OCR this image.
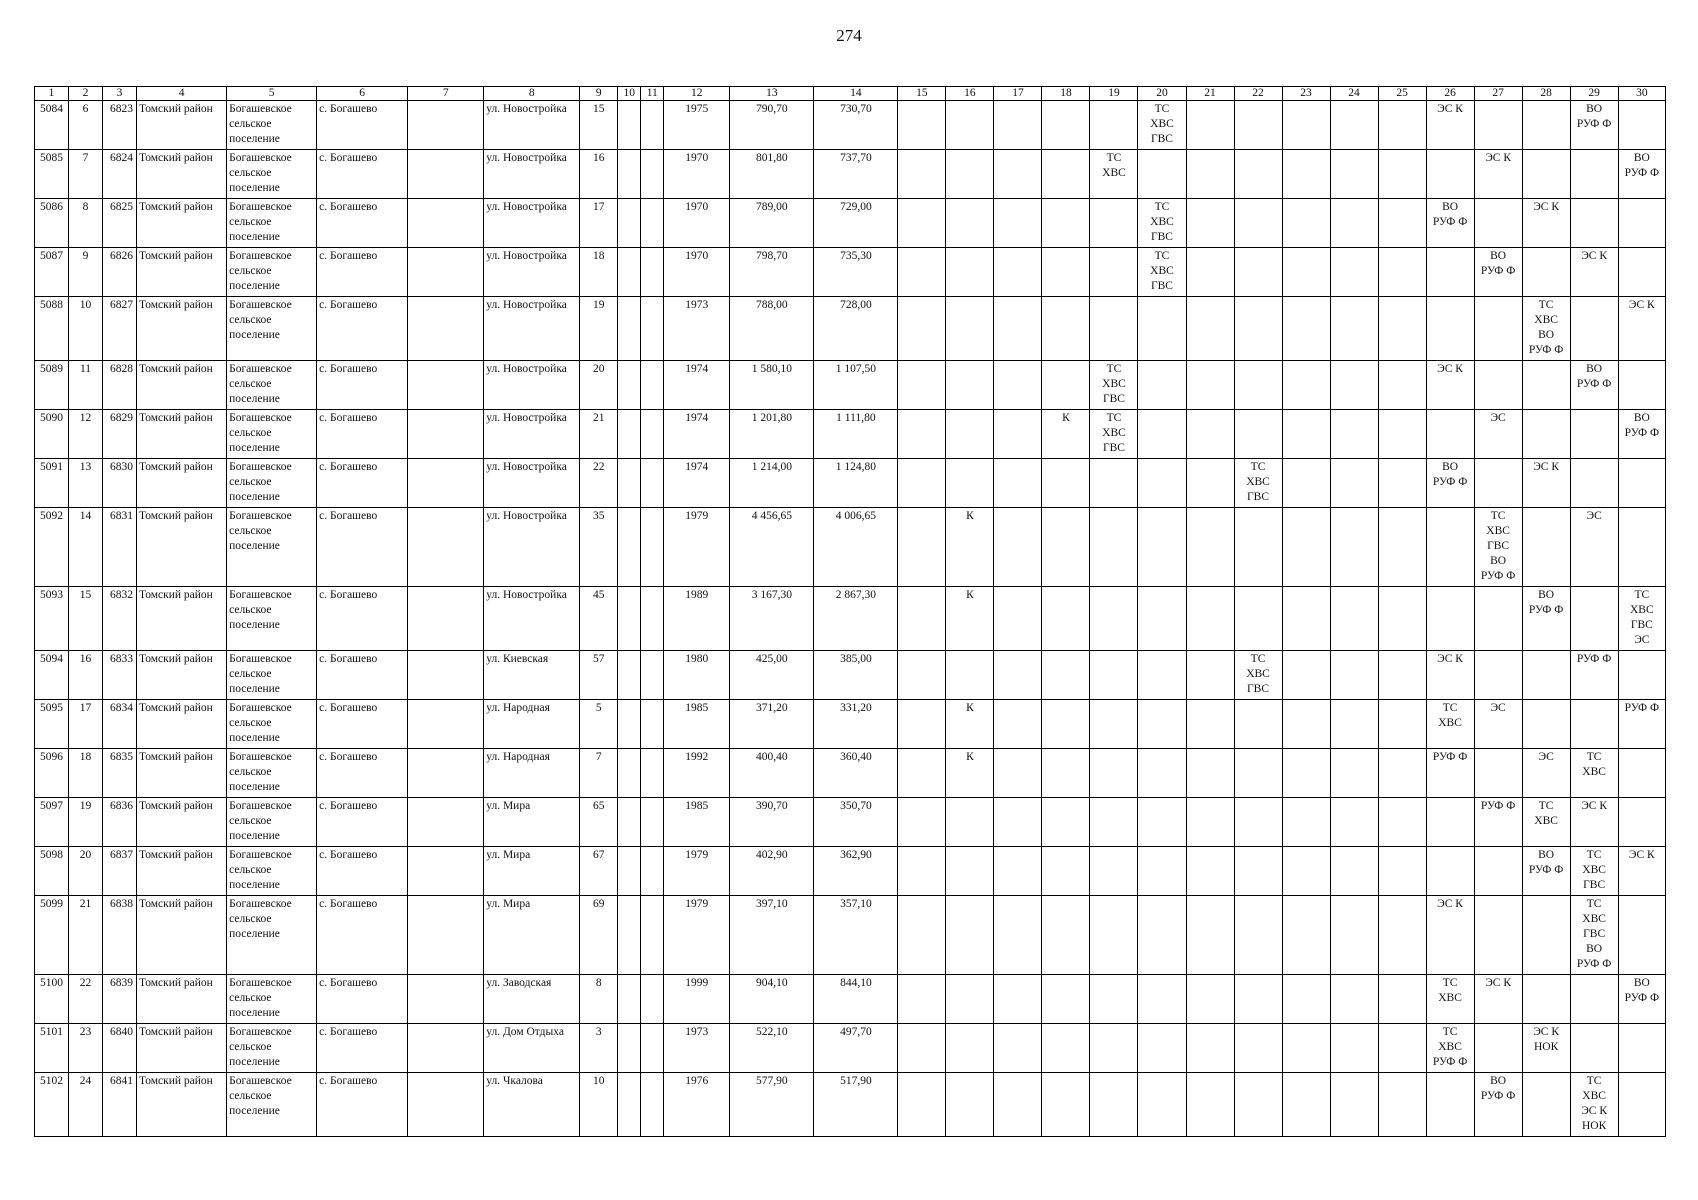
274
1	2	3	4	5	6	7	8	9	10	11	12	13	14	15	16	17	18	19	20	21	22	23	24	25	26	27	28	29	30
5084	6	6823	Томский район	Богашевское
сельское
поселение	с. Богашево		ул. Новостройка	15			1975	790,70	730,70						ТС
ХВС
ГВС						ЭС К			ВО
РУФ Ф	
5085	7	6824	Томский район	Богашевское
сельское
поселение	с. Богашево		ул. Новостройка	16			1970	801,80	737,70					ТС
ХВС								ЭС К			ВО
РУФ Ф
5086	8	6825	Томский район	Богашевское
сельское
поселение	с. Богашево		ул. Новостройка	17			1970	789,00	729,00						ТС
ХВС
ГВС						ВО
РУФ Ф		ЭС К		
5087	9	6826	Томский район	Богашевское
сельское
поселение	с. Богашево		ул. Новостройка	18			1970	798,70	735,30						ТС
ХВС
ГВС							ВО
РУФ Ф		ЭС К	
5088	10	6827	Томский район	Богашевское
сельское
поселение	с. Богашево		ул. Новостройка	19			1973	788,00	728,00														ТС
ХВС
ВО
РУФ Ф		ЭС К
5089	11	6828	Томский район	Богашевское
сельское
поселение	с. Богашево		ул. Новостройка	20			1974	1 580,10	1 107,50					ТС
ХВС
ГВС							ЭС К			ВО
РУФ Ф	
5090	12	6829	Томский район	Богашевское
сельское
поселение	с. Богашево		ул. Новостройка	21			1974	1 201,80	1 111,80				К	ТС
ХВС
ГВС								ЭС			ВО
РУФ Ф
5091	13	6830	Томский район	Богашевское
сельское
поселение	с. Богашево		ул. Новостройка	22			1974	1 214,00	1 124,80								ТС
ХВС
ГВС				ВО
РУФ Ф		ЭС К		
5092	14	6831	Томский район	Богашевское
сельское
поселение	с. Богашево		ул. Новостройка	35			1979	4 456,65	4 006,65		К											ТС
ХВС
ГВС
ВО
РУФ Ф		ЭС	
5093	15	6832	Томский район	Богашевское
сельское
поселение	с. Богашево		ул. Новостройка	45			1989	3 167,30	2 867,30		К												ВО
РУФ Ф		ТС
ХВС
ГВС
ЭС
5094	16	6833	Томский район	Богашевское
сельское
поселение	с. Богашево		ул. Киевская	57			1980	425,00	385,00								ТС
ХВС
ГВС				ЭС К			РУФ Ф	
5095	17	6834	Томский район	Богашевское
сельское
поселение	с. Богашево		ул. Народная	5			1985	371,20	331,20		К										ТС
ХВС	ЭС			РУФ Ф
5096	18	6835	Томский район	Богашевское
сельское
поселение	с. Богашево		ул. Народная	7			1992	400,40	360,40		К										РУФ Ф		ЭС	ТС
ХВС	
5097	19	6836	Томский район	Богашевское
сельское
поселение	с. Богашево		ул. Мира	65			1985	390,70	350,70													РУФ Ф	ТС
ХВС	ЭС К	
5098	20	6837	Томский район	Богашевское
сельское
поселение	с. Богашево		ул. Мира	67			1979	402,90	362,90														ВО
РУФ Ф	ТС
ХВС
ГВС	ЭС К
5099	21	6838	Томский район	Богашевское
сельское
поселение	с. Богашево		ул. Мира	69			1979	397,10	357,10												ЭС К			ТС
ХВС
ГВС
ВО
РУФ Ф	
5100	22	6839	Томский район	Богашевское
сельское
поселение	с. Богашево		ул. Заводская	8			1999	904,10	844,10												ТС
ХВС	ЭС К			ВО
РУФ Ф
5101	23	6840	Томский район	Богашевское
сельское
поселение	с. Богашево		ул. Дом Отдыха	3			1973	522,10	497,70												ТС
ХВС
РУФ Ф		ЭС К
НОК		
5102	24	6841	Томский район	Богашевское
сельское
поселение	с. Богашево		ул. Чкалова	10			1976	577,90	517,90													ВО
РУФ Ф		ТС
ХВС
ЭС К
НОК	
